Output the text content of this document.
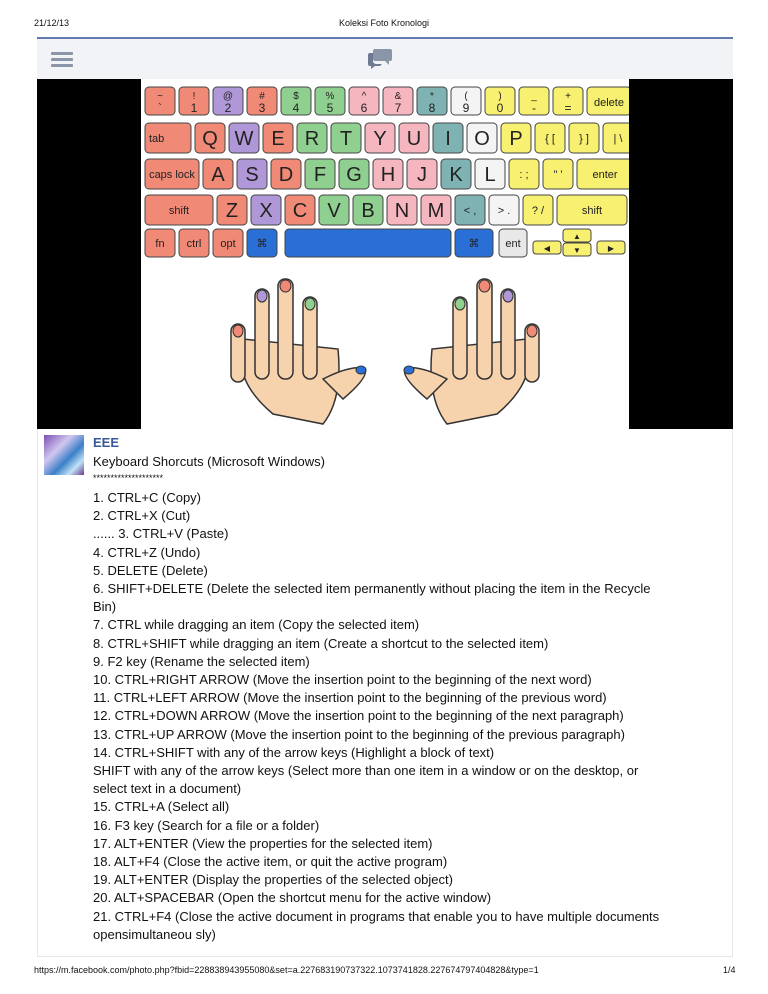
21/12/13	Koleksi Foto Kronologi
~
`
!
1
@
2
#
3
$
4
%
5
^
6
&
7
*
8
(
9
)
0
_
-
+
= delete
tab Q W E R T Y U I O P { [ } ] | \
caps lock A S D F G H J K L : ; " '	enter
shift Z X C V B N M < , > . ? /	shift
fn ctrl opt ⌘	⌘ ent	◀
▲
▼	▶
EEE
Keyboard Shorcuts (Microsoft Windows)
********************
1. CTRL+C (Copy)
2. CTRL+X (Cut)
...... 3. CTRL+V (Paste)
4. CTRL+Z (Undo)
5. DELETE (Delete)
6. SHIFT+DELETE (Delete the selected item permanently without placing the item in the Recycle
Bin)
7. CTRL while dragging an item (Copy the selected item)
8. CTRL+SHIFT while dragging an item (Create a shortcut to the selected item)
9. F2 key (Rename the selected item)
10. CTRL+RIGHT ARROW (Move the insertion point to the beginning of the next word)
11. CTRL+LEFT ARROW (Move the insertion point to the beginning of the previous word)
12. CTRL+DOWN ARROW (Move the insertion point to the beginning of the next paragraph)
13. CTRL+UP ARROW (Move the insertion point to the beginning of the previous paragraph)
14. CTRL+SHIFT with any of the arrow keys (Highlight a block of text)
SHIFT with any of the arrow keys (Select more than one item in a window or on the desktop, or
select text in a document)
15. CTRL+A (Select all)
16. F3 key (Search for a file or a folder)
17. ALT+ENTER (View the properties for the selected item)
18. ALT+F4 (Close the active item, or quit the active program)
19. ALT+ENTER (Display the properties of the selected object)
20. ALT+SPACEBAR (Open the shortcut menu for the active window)
21. CTRL+F4 (Close the active document in programs that enable you to have multiple documents
opensimultaneou sly)
https://m.facebook.com/photo.php?fbid=228838943955080&set=a.227683190737322.1073741828.227674797404828&type=1	1/4
